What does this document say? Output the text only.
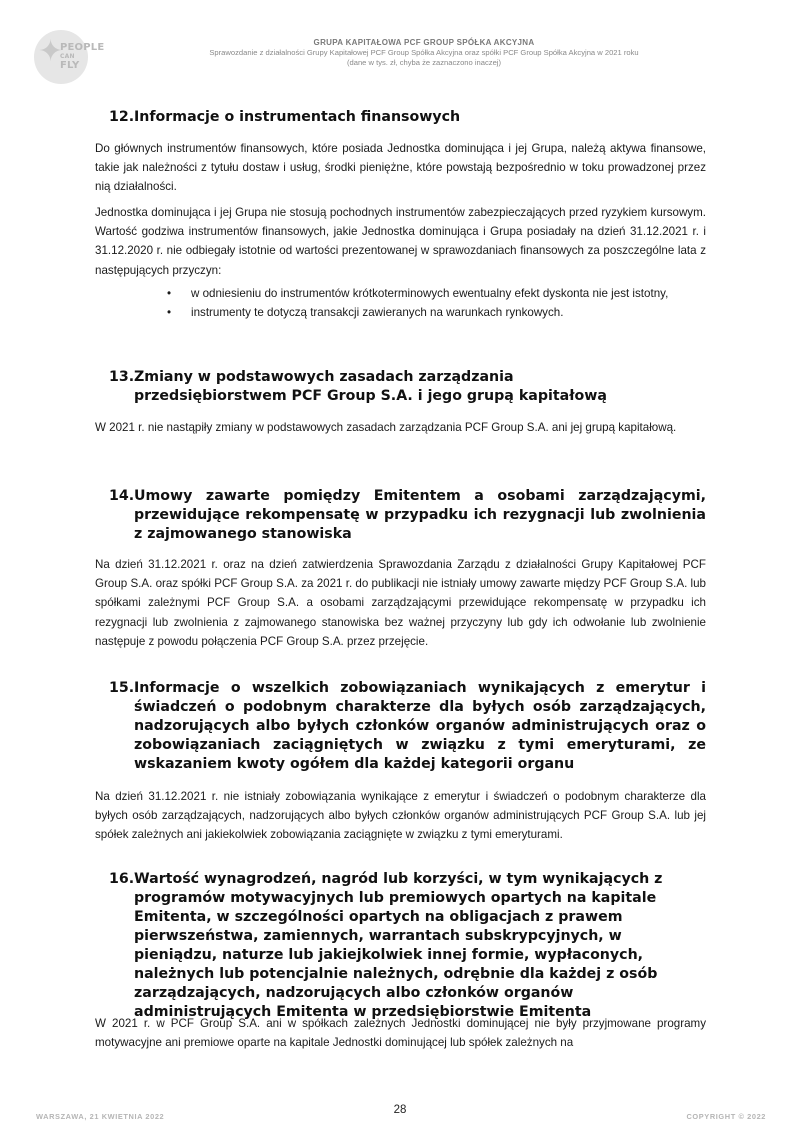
✦
PEOPLE
CAN
FLY
GRUPA KAPITAŁOWA PCF GROUP SPÓŁKA AKCYJNA
Sprawozdanie z działalności Grupy Kapitałowej PCF Group Spółka Akcyjna oraz spółki PCF Group Spółka Akcyjna w 2021 roku
(dane w tys. zł, chyba że zaznaczono inaczej)
12. Informacje o instrumentach finansowych

Do głównych instrumentów finansowych, które posiada Jednostka dominująca i jej Grupa, należą aktywa finansowe, takie jak należności z tytułu dostaw i usług, środki pieniężne, które powstają bezpośrednio w toku prowadzonej przez nią działalności.

Jednostka dominująca i jej Grupa nie stosują pochodnych instrumentów zabezpieczających przed ryzykiem kursowym. Wartość godziwa instrumentów finansowych, jakie Jednostka dominująca i Grupa posiadały na dzień 31.12.2021 r. i 31.12.2020 r. nie odbiegały istotnie od wartości prezentowanej w sprawozdaniach finansowych za poszczególne lata z następujących przyczyn:

• w odniesieniu do instrumentów krótkoterminowych ewentualny efekt dyskonta nie jest istotny,
• instrumenty te dotyczą transakcji zawieranych na warunkach rynkowych.
13. Zmiany w podstawowych zasadach zarządzania przedsiębiorstwem PCF Group S.A. i jego grupą kapitałową

W 2021 r. nie nastąpiły zmiany w podstawowych zasadach zarządzania PCF Group S.A. ani jej grupą kapitałową.

14. Umowy zawarte pomiędzy Emitentem a osobami zarządzającymi, przewidujące rekompensatę w przypadku ich rezygnacji lub zwolnienia z zajmowanego stanowiska

Na dzień 31.12.2021 r. oraz na dzień zatwierdzenia Sprawozdania Zarządu z działalności Grupy Kapitałowej PCF Group S.A. oraz spółki PCF Group S.A. za 2021 r. do publikacji nie istniały umowy zawarte między PCF Group S.A. lub spółkami zależnymi PCF Group S.A. a osobami zarządzającymi przewidujące rekompensatę w przypadku ich rezygnacji lub zwolnienia z zajmowanego stanowiska bez ważnej przyczyny lub gdy ich odwołanie lub zwolnienie następuje z powodu połączenia PCF Group S.A. przez przejęcie.

15. Informacje o wszelkich zobowiązaniach wynikających z emerytur i świadczeń o podobnym charakterze dla byłych osób zarządzających, nadzorujących albo byłych członków organów administrujących oraz o zobowiązaniach zaciągniętych w związku z tymi emeryturami, ze wskazaniem kwoty ogółem dla każdej kategorii organu

Na dzień 31.12.2021 r. nie istniały zobowiązania wynikające z emerytur i świadczeń o podobnym charakterze dla byłych osób zarządzających, nadzorujących albo byłych członków organów administrujących PCF Group S.A. lub jej spółek zależnych ani jakiekolwiek zobowiązania zaciągnięte w związku z tymi emeryturami.

16. Wartość wynagrodzeń, nagród lub korzyści, w tym wynikających z programów motywacyjnych lub premiowych opartych na kapitale Emitenta, w szczególności opartych na obligacjach z prawem pierwszeństwa, zamiennych, warrantach subskrypcyjnych, w pieniądzu, naturze lub jakiejkolwiek innej formie, wypłaconych, należnych lub potencjalnie należnych, odrębnie dla każdej z osób zarządzających, nadzorujących albo członków organów administrujących Emitenta w przedsiębiorstwie Emitenta

W 2021 r. w PCF Group S.A. ani w spółkach zależnych Jednostki dominującej nie były przyjmowane programy motywacyjne ani premiowe oparte na kapitale Jednostki dominującej lub spółek zależnych na

WARSZAWA, 21 KWIETNIA 2022
28
COPYRIGHT © 2022
